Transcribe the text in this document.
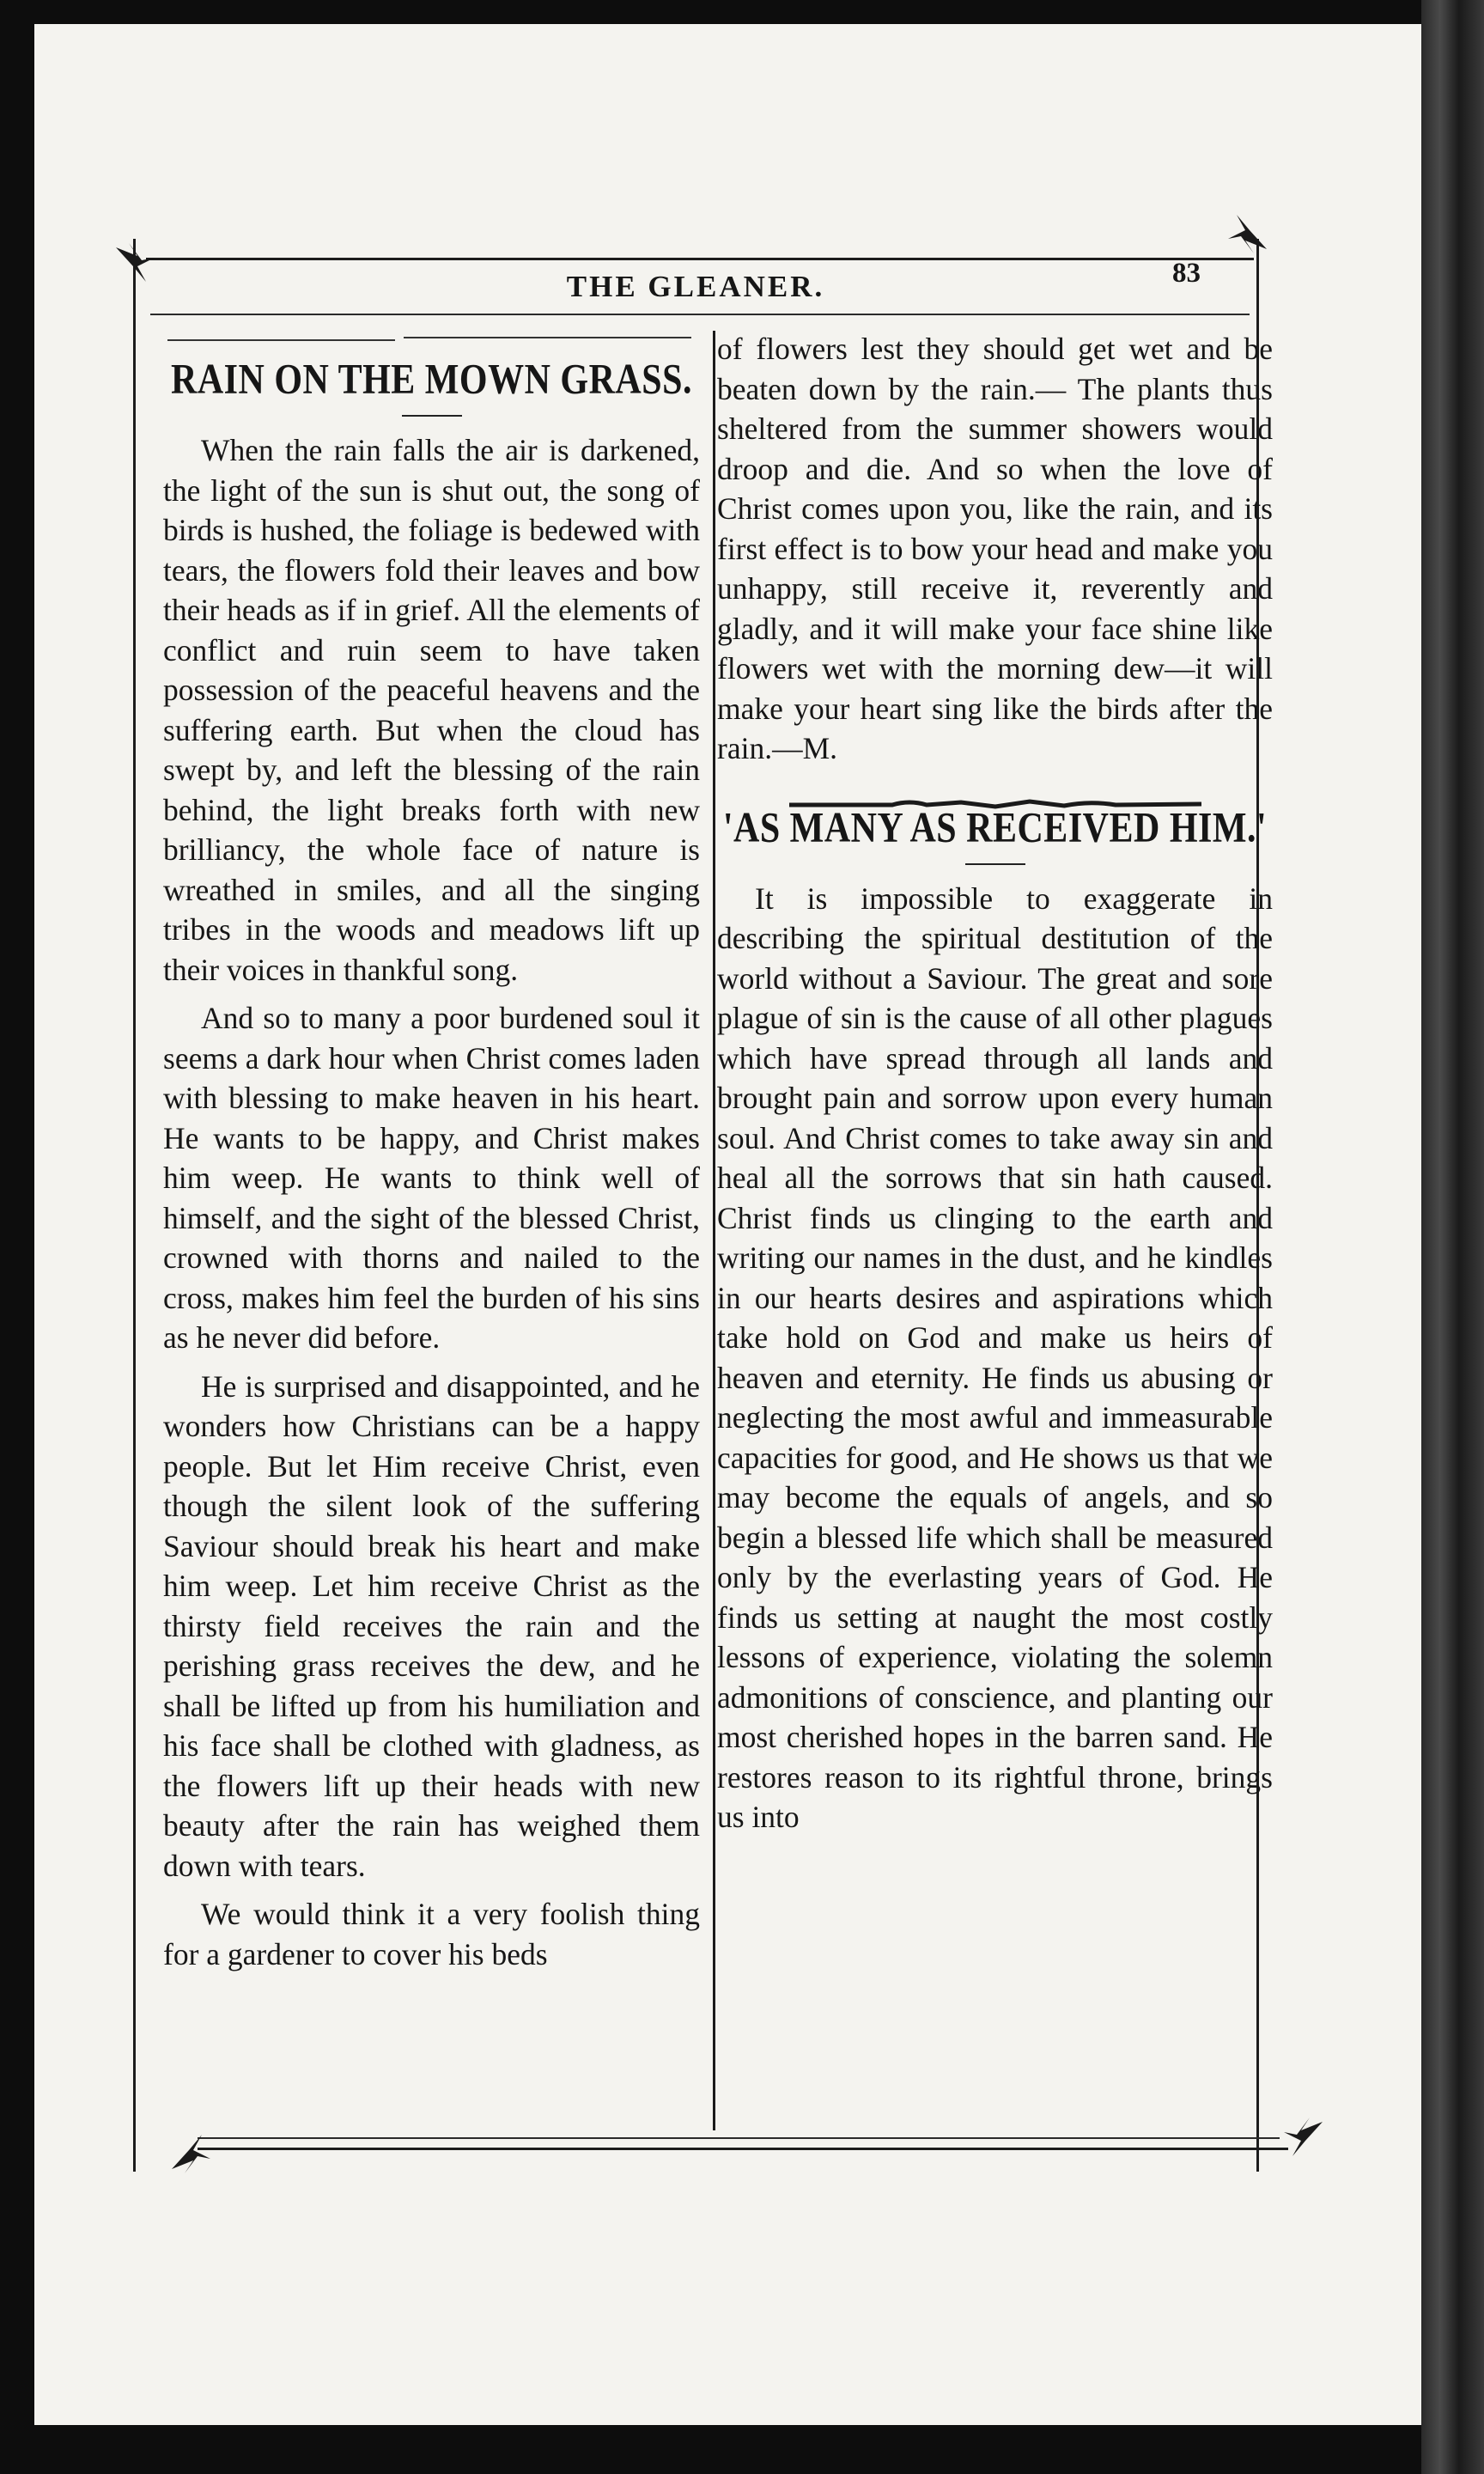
THE GLEANER.	83
RAIN ON THE MOWN GRASS.

When the rain falls the air is darkened, the light of the sun is shut out, the song of birds is hushed, the foliage is bedewed with tears, the flowers fold their leaves and bow their heads as if in grief. All the elements of conflict and ruin seem to have taken possession of the peaceful heavens and the suffering earth. But when the cloud has swept by, and left the blessing of the rain behind, the light breaks forth with new brilliancy, the whole face of nature is wreathed in smiles, and all the singing tribes in the woods and meadows lift up their voices in thankful song.

And so to many a poor burdened soul it seems a dark hour when Christ comes laden with blessing to make heaven in his heart. He wants to be happy, and Christ makes him weep. He wants to think well of himself, and the sight of the blessed Christ, crowned with thorns and nailed to the cross, makes him feel the burden of his sins as he never did before.

He is surprised and disappointed, and he wonders how Christians can be a happy people. But let Him receive Christ, even though the silent look of the suffering Saviour should break his heart and make him weep. Let him receive Christ as the thirsty field receives the rain and the perishing grass receives the dew, and he shall be lifted up from his humiliation and his face shall be clothed with gladness, as the flowers lift up their heads with new beauty after the rain has weighed them down with tears.

We would think it a very foolish thing for a gardener to cover his beds

of flowers lest they should get wet and be beaten down by the rain.— The plants thus sheltered from the summer showers would droop and die. And so when the love of Christ comes upon you, like the rain, and its first effect is to bow your head and make you unhappy, still receive it, reverently and gladly, and it will make your face shine like flowers wet with the morning dew—it will make your heart sing like the birds after the rain.—M.

'AS MANY AS RECEIVED HIM.'

It is impossible to exaggerate in describing the spiritual destitution of the world without a Saviour. The great and sore plague of sin is the cause of all other plagues which have spread through all lands and brought pain and sorrow upon every human soul. And Christ comes to take away sin and heal all the sorrows that sin hath caused. Christ finds us clinging to the earth and writing our names in the dust, and he kindles in our hearts desires and aspirations which take hold on God and make us heirs of heaven and eternity. He finds us abusing or neglecting the most awful and immeasurable capacities for good, and He shows us that we may become the equals of angels, and so begin a blessed life which shall be measured only by the everlasting years of God. He finds us setting at naught the most costly lessons of experience, violating the solemn admonitions of conscience, and planting our most cherished hopes in the barren sand. He restores reason to its rightful throne, brings us into
